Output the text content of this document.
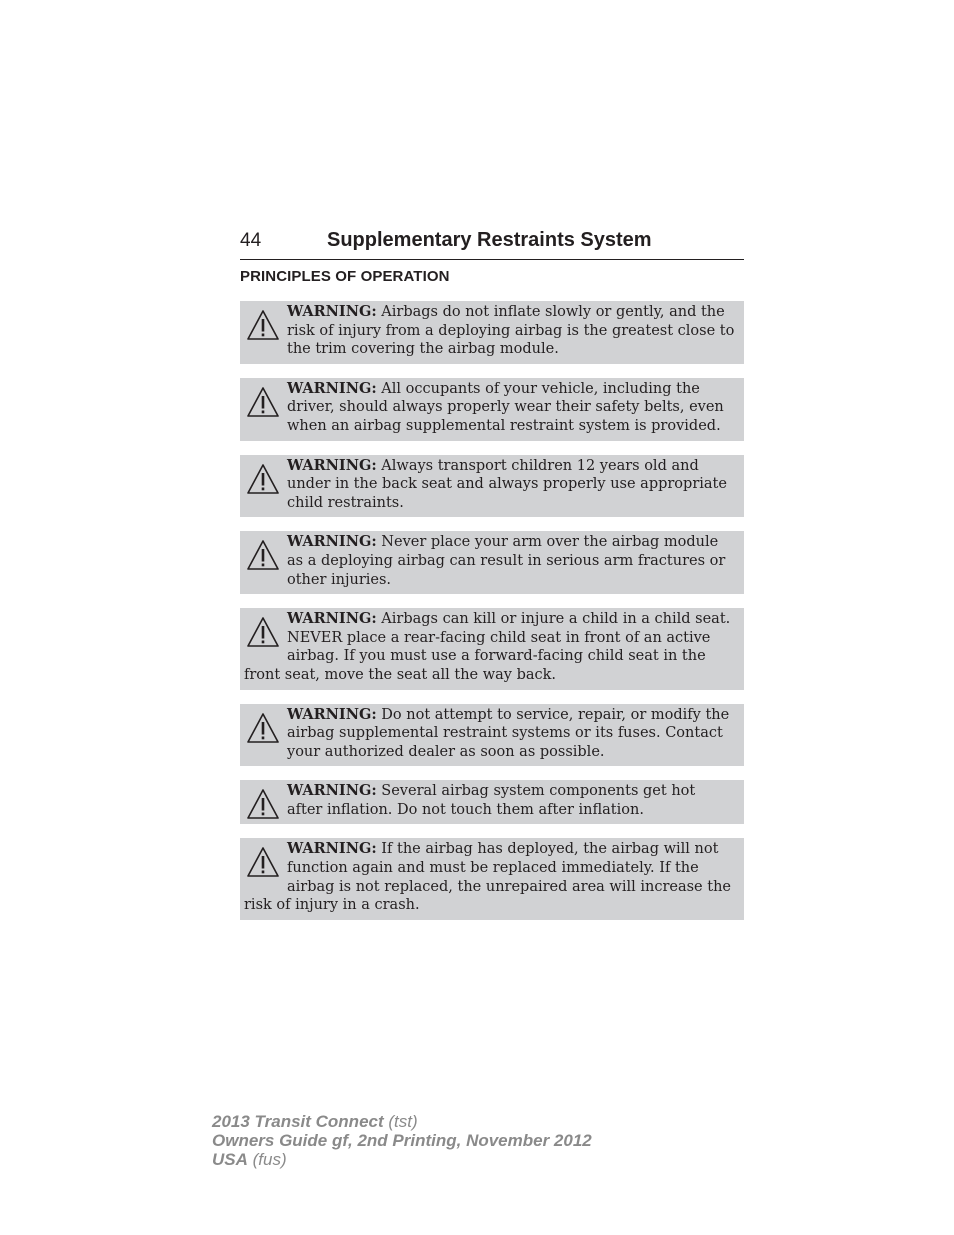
44	Supplementary Restraints System
PRINCIPLES OF OPERATION
WARNING: Airbags do not inflate slowly or gently, and the risk of injury from a deploying airbag is the greatest close to the trim covering the airbag module.
WARNING: All occupants of your vehicle, including the driver, should always properly wear their safety belts, even when an airbag supplemental restraint system is provided.
WARNING: Always transport children 12 years old and under in the back seat and always properly use appropriate child restraints.
WARNING: Never place your arm over the airbag module as a deploying airbag can result in serious arm fractures or other injuries.
WARNING: Airbags can kill or injure a child in a child seat. NEVER place a rear-facing child seat in front of an active airbag. If you must use a forward-facing child seat in the front seat, move the seat all the way back.
WARNING: Do not attempt to service, repair, or modify the airbag supplemental restraint systems or its fuses. Contact your authorized dealer as soon as possible.
WARNING: Several airbag system components get hot after inflation. Do not touch them after inflation.
WARNING: If the airbag has deployed, the airbag will not function again and must be replaced immediately. If the airbag is not replaced, the unrepaired area will increase the risk of injury in a crash.
2013 Transit Connect (tst)
Owners Guide gf, 2nd Printing, November 2012
USA (fus)
